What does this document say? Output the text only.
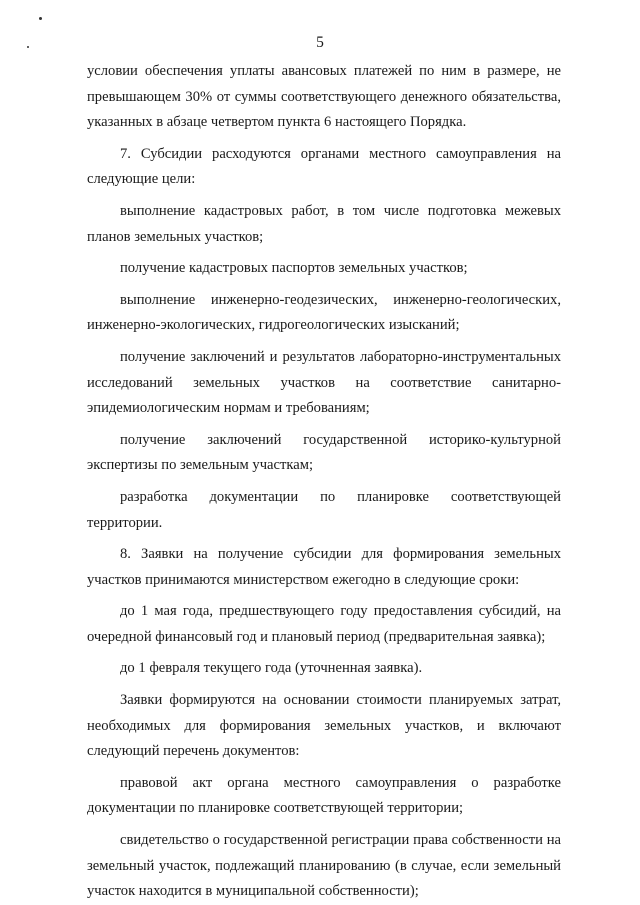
5

условии обеспечения уплаты авансовых платежей по ним в размере, не превышающем 30% от суммы соответствующего денежного обязательства, указанных в абзаце четвертом пункта 6 настоящего Порядка.

7. Субсидии расходуются органами местного самоуправления на следующие цели:

выполнение кадастровых работ, в том числе подготовка межевых планов земельных участков;

получение кадастровых паспортов земельных участков;

выполнение инженерно-геодезических, инженерно-геологических, инженерно-экологических, гидрогеологических изысканий;

получение заключений и результатов лабораторно-инструментальных исследований земельных участков на соответствие санитарно-эпидемиологическим нормам и требованиям;

получение заключений государственной историко-культурной экспертизы по земельным участкам;

разработка документации по планировке соответствующей территории.

8. Заявки на получение субсидии для формирования земельных участков принимаются министерством ежегодно в следующие сроки:

до 1 мая года, предшествующего году предоставления субсидий, на очередной финансовый год и плановый период (предварительная заявка);

до 1 февраля текущего года (уточненная заявка).

Заявки формируются на основании стоимости планируемых затрат, необходимых для формирования земельных участков, и включают следующий перечень документов:

правовой акт органа местного самоуправления о разработке документации по планировке соответствующей территории;

свидетельство о государственной регистрации права собственности на земельный участок, подлежащий планированию (в случае, если земельный участок находится в муниципальной собственности);
